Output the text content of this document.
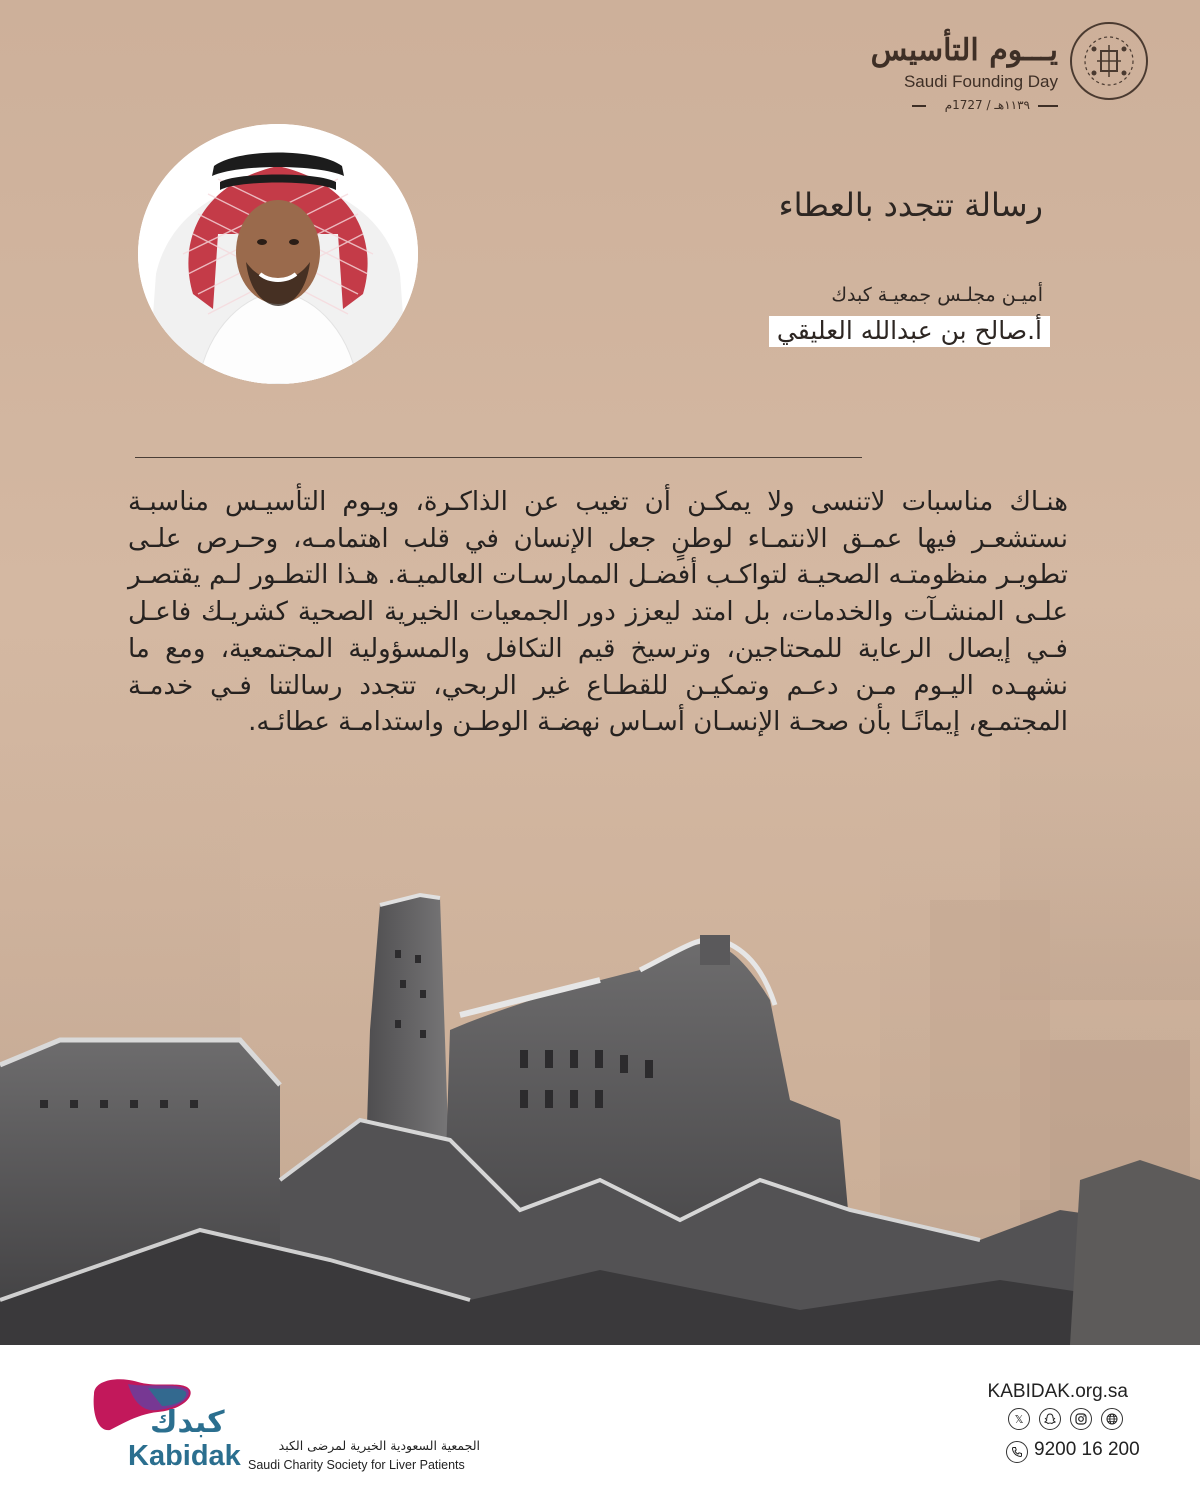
يـــوم التأسيس
Saudi Founding Day
١١٣٩هـ / 1727م
رسالة تتجدد بالعطاء
أميـن مجلـس جمعيـة كبدك
أ.صالح بن عبدالله العليقي
هنـاك مناسبات لاتنسى ولا يمكـن أن تغيب عن الذاكـرة، ويـوم التأسيـس مناسبـة نستشعـر فيها عمـق الانتمـاء لوطنٍ جعل الإنسان في قلب اهتمامـه، وحـرص علـى تطويـر منظومتـه الصحيـة لتواكـب أفضـل الممارسـات العالميـة. هـذا التطـور لـم يقتصـر علـى المنشـآت والخدمات، بل امتد ليعزز دور الجمعيات الخيرية الصحية كشريـك فاعـل فـي إيصال الرعاية للمحتاجين، وترسيخ قيم التكافل والمسؤولية المجتمعية، ومع ما نشهـده اليـوم مـن دعـم وتمكيـن للقطـاع غير الربحي، تتجدد رسالتنا فـي خدمـة المجتمـع، إيمانًـا بأن صحـة الإنسـان أسـاس نهضـة الوطـن واستدامـة عطائـه.
كبدك
Kabidak	الجمعية السعودية الخيرية لمرضى الكبد
Saudi Charity Society for Liver Patients
KABIDAK.org.sa
𝕏
9200 16 200
